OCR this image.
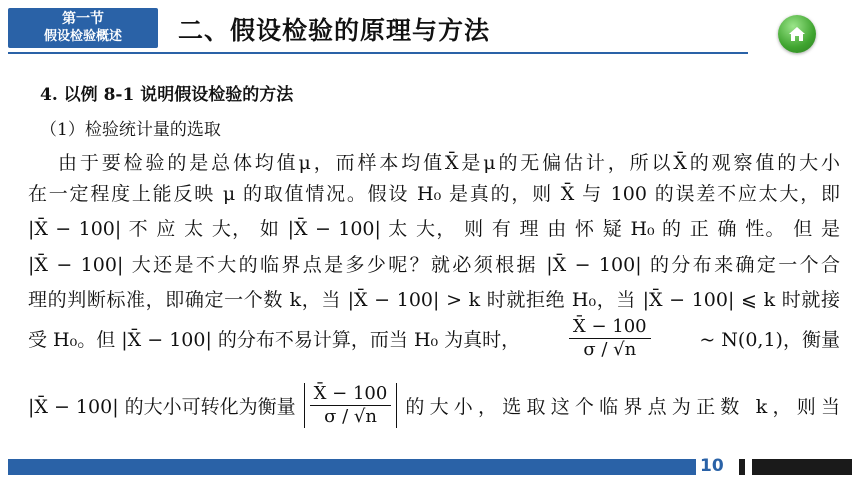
第一节
假设检验概述 二、假设检验的原理与方法
4. 以例 8-1 说明假设检验的方法
（1）检验统计量的选取
由于要检验的是总体均值μ，而样本均值X̄是μ的无偏估计，所以X̄的观察值的大小
在一定程度上能反映 μ 的取值情况。假设 H₀ 是真的，则 X̄ 与 100 的误差不应太大，即
|X̄ − 100| 不 应 太 大， 如 |X̄ − 100| 太 大， 则 有 理 由 怀 疑 H₀ 的 正 确 性。 但 是
|X̄ − 100| 大还是不大的临界点是多少呢？就必须根据 |X̄ − 100| 的分布来确定一个合
理的判断标准，即确定一个数 k，当 |X̄ − 100| > k 时就拒绝 H₀，当 |X̄ − 100| ⩽ k 时就接
受 H₀。但 |X̄ − 100| 的分布不易计算，而当 H₀ 为真时，	$\frac{X̄ - 100}{\sigma / √n}$	~ N(0,1)，衡量
|X̄ − 100| 的大小可转化为衡量 $\frac{X̄ - 100}{\sigma / √n}$ 的大小，选取这个临界点为正数 k，则当
10
